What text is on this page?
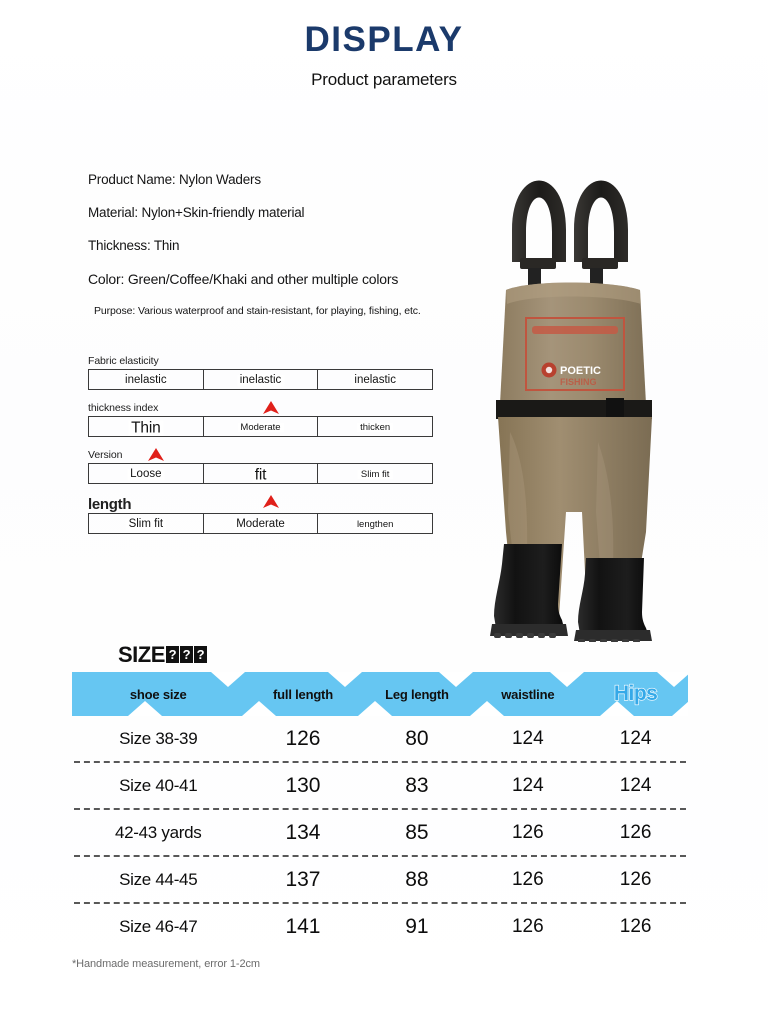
DISPLAY
Product parameters
Product Name: Nylon Waders
Material: Nylon+Skin-friendly material
Thickness: Thin
Color: Green/Coffee/Khaki and other multiple colors
Purpose: Various waterproof and stain-resistant, for playing, fishing, etc.
Fabric elasticity
inelastic	inelastic	inelastic
thickness index
Thin	Moderate	thicken
Version
Loose	fit	Slim fit
length
Slim fit	Moderate	lengthen
POETIC
FISHING
SIZE ? ? ?
shoe size	full length	Leg length	waistline	Hips
Size 38-39	126	80	124	124
Size 40-41	130	83	124	124
42-43 yards	134	85	126	126
Size 44-45	137	88	126	126
Size 46-47	141	91	126	126
*Handmade measurement, error 1-2cm
